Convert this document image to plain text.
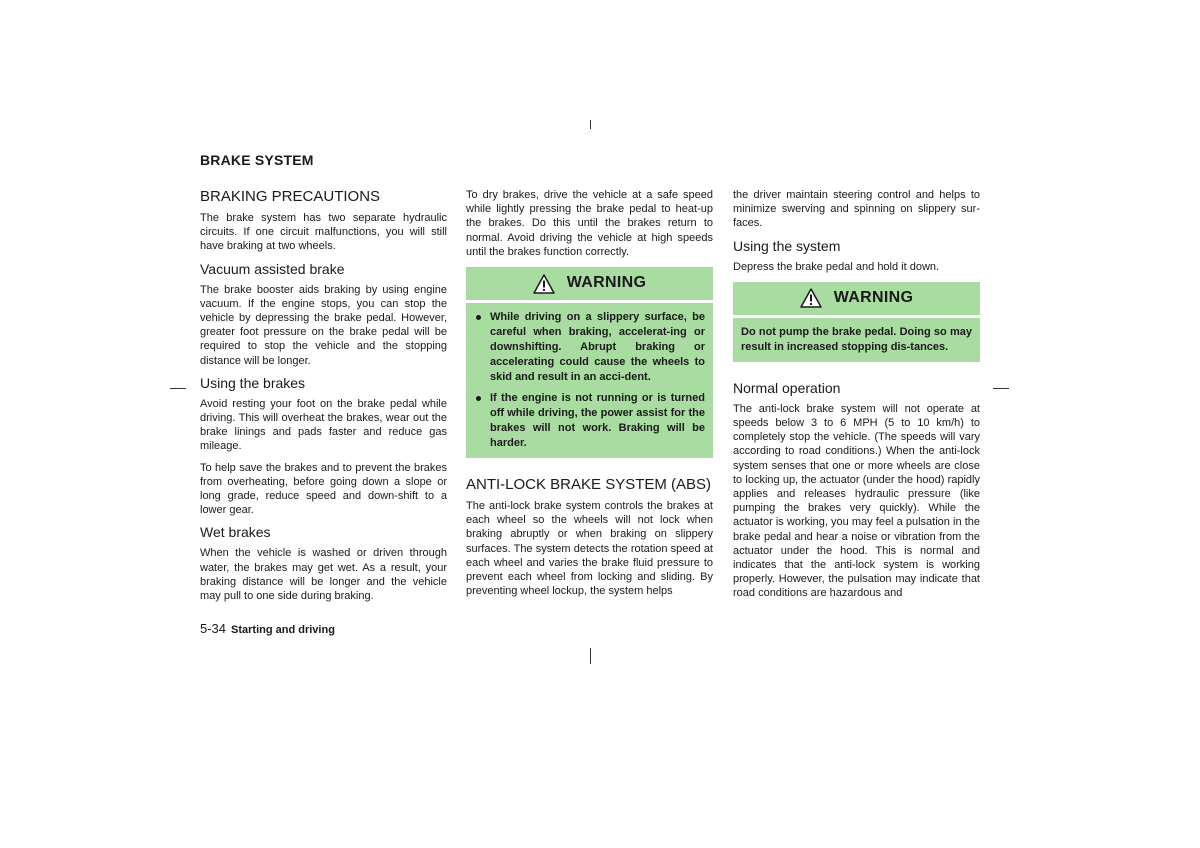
BRAKE SYSTEM
BRAKING PRECAUTIONS

The brake system has two separate hydraulic circuits. If one circuit malfunctions, you will still have braking at two wheels.

Vacuum assisted brake

The brake booster aids braking by using engine vacuum. If the engine stops, you can stop the vehicle by depressing the brake pedal. However, greater foot pressure on the brake pedal will be required to stop the vehicle and the stopping distance will be longer.

Using the brakes

Avoid resting your foot on the brake pedal while driving. This will overheat the brakes, wear out the brake linings and pads faster and reduce gas mileage.

To help save the brakes and to prevent the brakes from overheating, before going down a slope or long grade, reduce speed and down-shift to a lower gear.

Wet brakes

When the vehicle is washed or driven through water, the brakes may get wet. As a result, your braking distance will be longer and the vehicle may pull to one side during braking.

To dry brakes, drive the vehicle at a safe speed while lightly pressing the brake pedal to heat-up the brakes. Do this until the brakes return to normal. Avoid driving the vehicle at high speeds until the brakes function correctly.

WARNING
While driving on a slippery surface, be careful when braking, accelerat-ing or downshifting. Abrupt braking or accelerating could cause the wheels to skid and result in an acci-dent.
If the engine is not running or is turned off while driving, the power assist for the brakes will not work. Braking will be harder.
ANTI-LOCK BRAKE SYSTEM (ABS)

The anti-lock brake system controls the brakes at each wheel so the wheels will not lock when braking abruptly or when braking on slippery surfaces. The system detects the rotation speed at each wheel and varies the brake fluid pressure to prevent each wheel from locking and sliding. By preventing wheel lockup, the system helps

the driver maintain steering control and helps to minimize swerving and spinning on slippery sur-faces.

Using the system

Depress the brake pedal and hold it down.

WARNING

Do not pump the brake pedal. Doing so may result in increased stopping dis-tances.

Normal operation

The anti-lock brake system will not operate at speeds below 3 to 6 MPH (5 to 10 km/h) to completely stop the vehicle. (The speeds will vary according to road conditions.) When the anti-lock system senses that one or more wheels are close to locking up, the actuator (under the hood) rapidly applies and releases hydraulic pressure (like pumping the brakes very quickly). While the actuator is working, you may feel a pulsation in the brake pedal and hear a noise or vibration from the actuator under the hood. This is normal and indicates that the anti-lock system is working properly. However, the pulsation may indicate that road conditions are hazardous and

5-34 Starting and driving
